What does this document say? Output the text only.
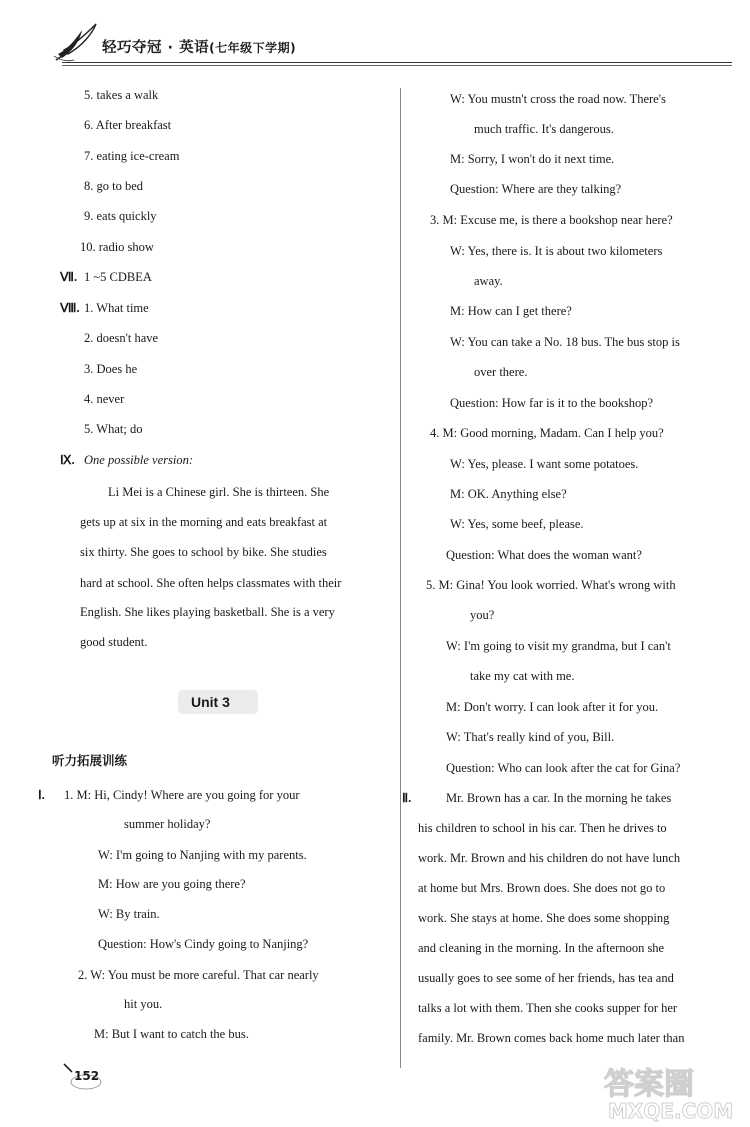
轻巧夺冠 · 英语(七年级下学期)
5. takes a walk
6. After breakfast
7. eating ice-cream
8. go to bed
9. eats quickly
10. radio show
Ⅶ. 1 ~5 CDBEA
Ⅷ. 1. What time
2. doesn't have
3. Does he
4. never
5. What; do
Ⅸ. One possible version:
Li Mei is a Chinese girl. She is thirteen. She
gets up at six in the morning and eats breakfast at
six thirty. She goes to school by bike. She studies
hard at school. She often helps classmates with their
English. She likes playing basketball. She is a very
good student.
Unit 3
听力拓展训练
Ⅰ. 1. M: Hi, Cindy! Where are you going for your
summer holiday?
W: I'm going to Nanjing with my parents.
M: How are you going there?
W: By train.
Question: How's Cindy going to Nanjing?
2. W: You must be more careful. That car nearly
hit you.
M: But I want to catch the bus.
152
W: You mustn't cross the road now. There's
much traffic. It's dangerous.
M: Sorry, I won't do it next time.
Question: Where are they talking?
3. M: Excuse me, is there a bookshop near here?
W: Yes, there is. It is about two kilometers
away.
M: How can I get there?
W: You can take a No. 18 bus. The bus stop is
over there.
Question: How far is it to the bookshop?
4. M: Good morning, Madam. Can I help you?
W: Yes, please. I want some potatoes.
M: OK. Anything else?
W: Yes, some beef, please.
Question: What does the woman want?
5. M: Gina! You look worried. What's wrong with
you?
W: I'm going to visit my grandma, but I can't
take my cat with me.
M: Don't worry. I can look after it for you.
W: That's really kind of you, Bill.
Question: Who can look after the cat for Gina?
Ⅱ.	Mr. Brown has a car. In the morning he takes
his children to school in his car. Then he drives to
work. Mr. Brown and his children do not have lunch
at home but Mrs. Brown does. She does not go to
work. She stays at home. She does some shopping
and cleaning in the morning. In the afternoon she
usually goes to see some of her friends, has tea and
talks a lot with them. Then she cooks supper for her
family. Mr. Brown comes back home much later than
答案圈
MXQE.COM
